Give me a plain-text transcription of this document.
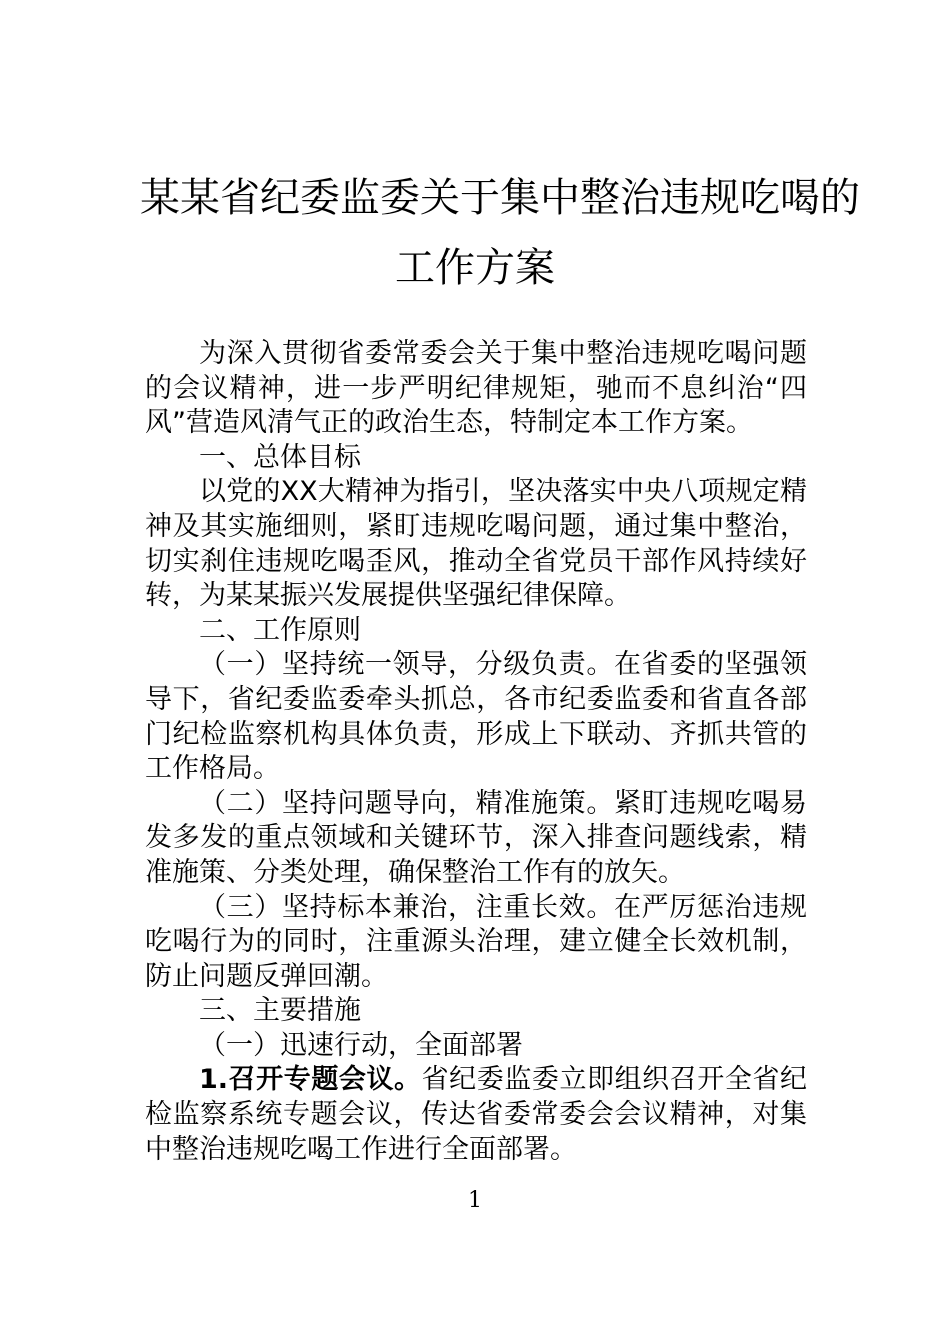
某某省纪委监委关于集中整治违规吃喝的
工作方案

为深入贯彻省委常委会关于集中整治违规吃喝问题的会议精神，进一步严明纪律规矩，驰而不息纠治“四风”营造风清气正的政治生态，特制定本工作方案。

一、总体目标

以党的XX大精神为指引，坚决落实中央八项规定精神及其实施细则，紧盯违规吃喝问题，通过集中整治，切实刹住违规吃喝歪风，推动全省党员干部作风持续好转，为某某振兴发展提供坚强纪律保障。

二、工作原则

（一）坚持统一领导，分级负责。在省委的坚强领导下，省纪委监委牵头抓总，各市纪委监委和省直各部门纪检监察机构具体负责，形成上下联动、齐抓共管的工作格局。

（二）坚持问题导向，精准施策。紧盯违规吃喝易发多发的重点领域和关键环节，深入排查问题线索，精准施策、分类处理，确保整治工作有的放矢。

（三）坚持标本兼治，注重长效。在严厉惩治违规吃喝行为的同时，注重源头治理，建立健全长效机制，防止问题反弹回潮。

三、主要措施

（一）迅速行动，全面部署

1.召开专题会议。省纪委监委立即组织召开全省纪检监察系统专题会议，传达省委常委会会议精神，对集中整治违规吃喝工作进行全面部署。

1
